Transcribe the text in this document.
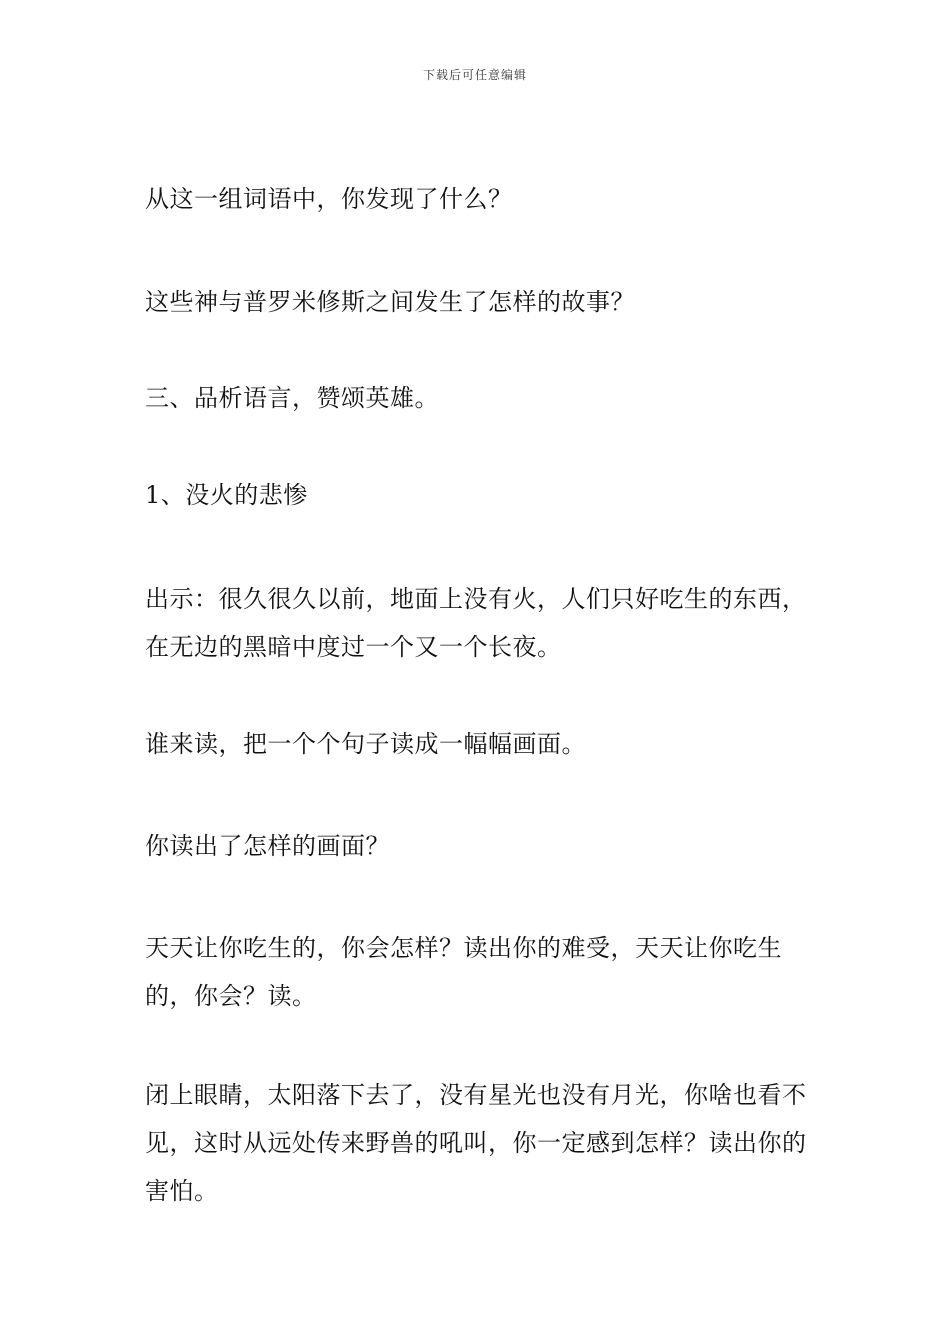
下载后可任意编辑
从这一组词语中，你发现了什么？
这些神与普罗米修斯之间发生了怎样的故事？
三、品析语言，赞颂英雄。
1、没火的悲惨
出示：很久很久以前，地面上没有火，人们只好吃生的东西，在无边的黑暗中度过一个又一个长夜。
谁来读，把一个个句子读成一幅幅画面。
你读出了怎样的画面？
天天让你吃生的，你会怎样？读出你的难受，天天让你吃生的，你会？读。
闭上眼睛，太阳落下去了，没有星光也没有月光，你啥也看不见，这时从远处传来野兽的吼叫，你一定感到怎样？读出你的害怕。
